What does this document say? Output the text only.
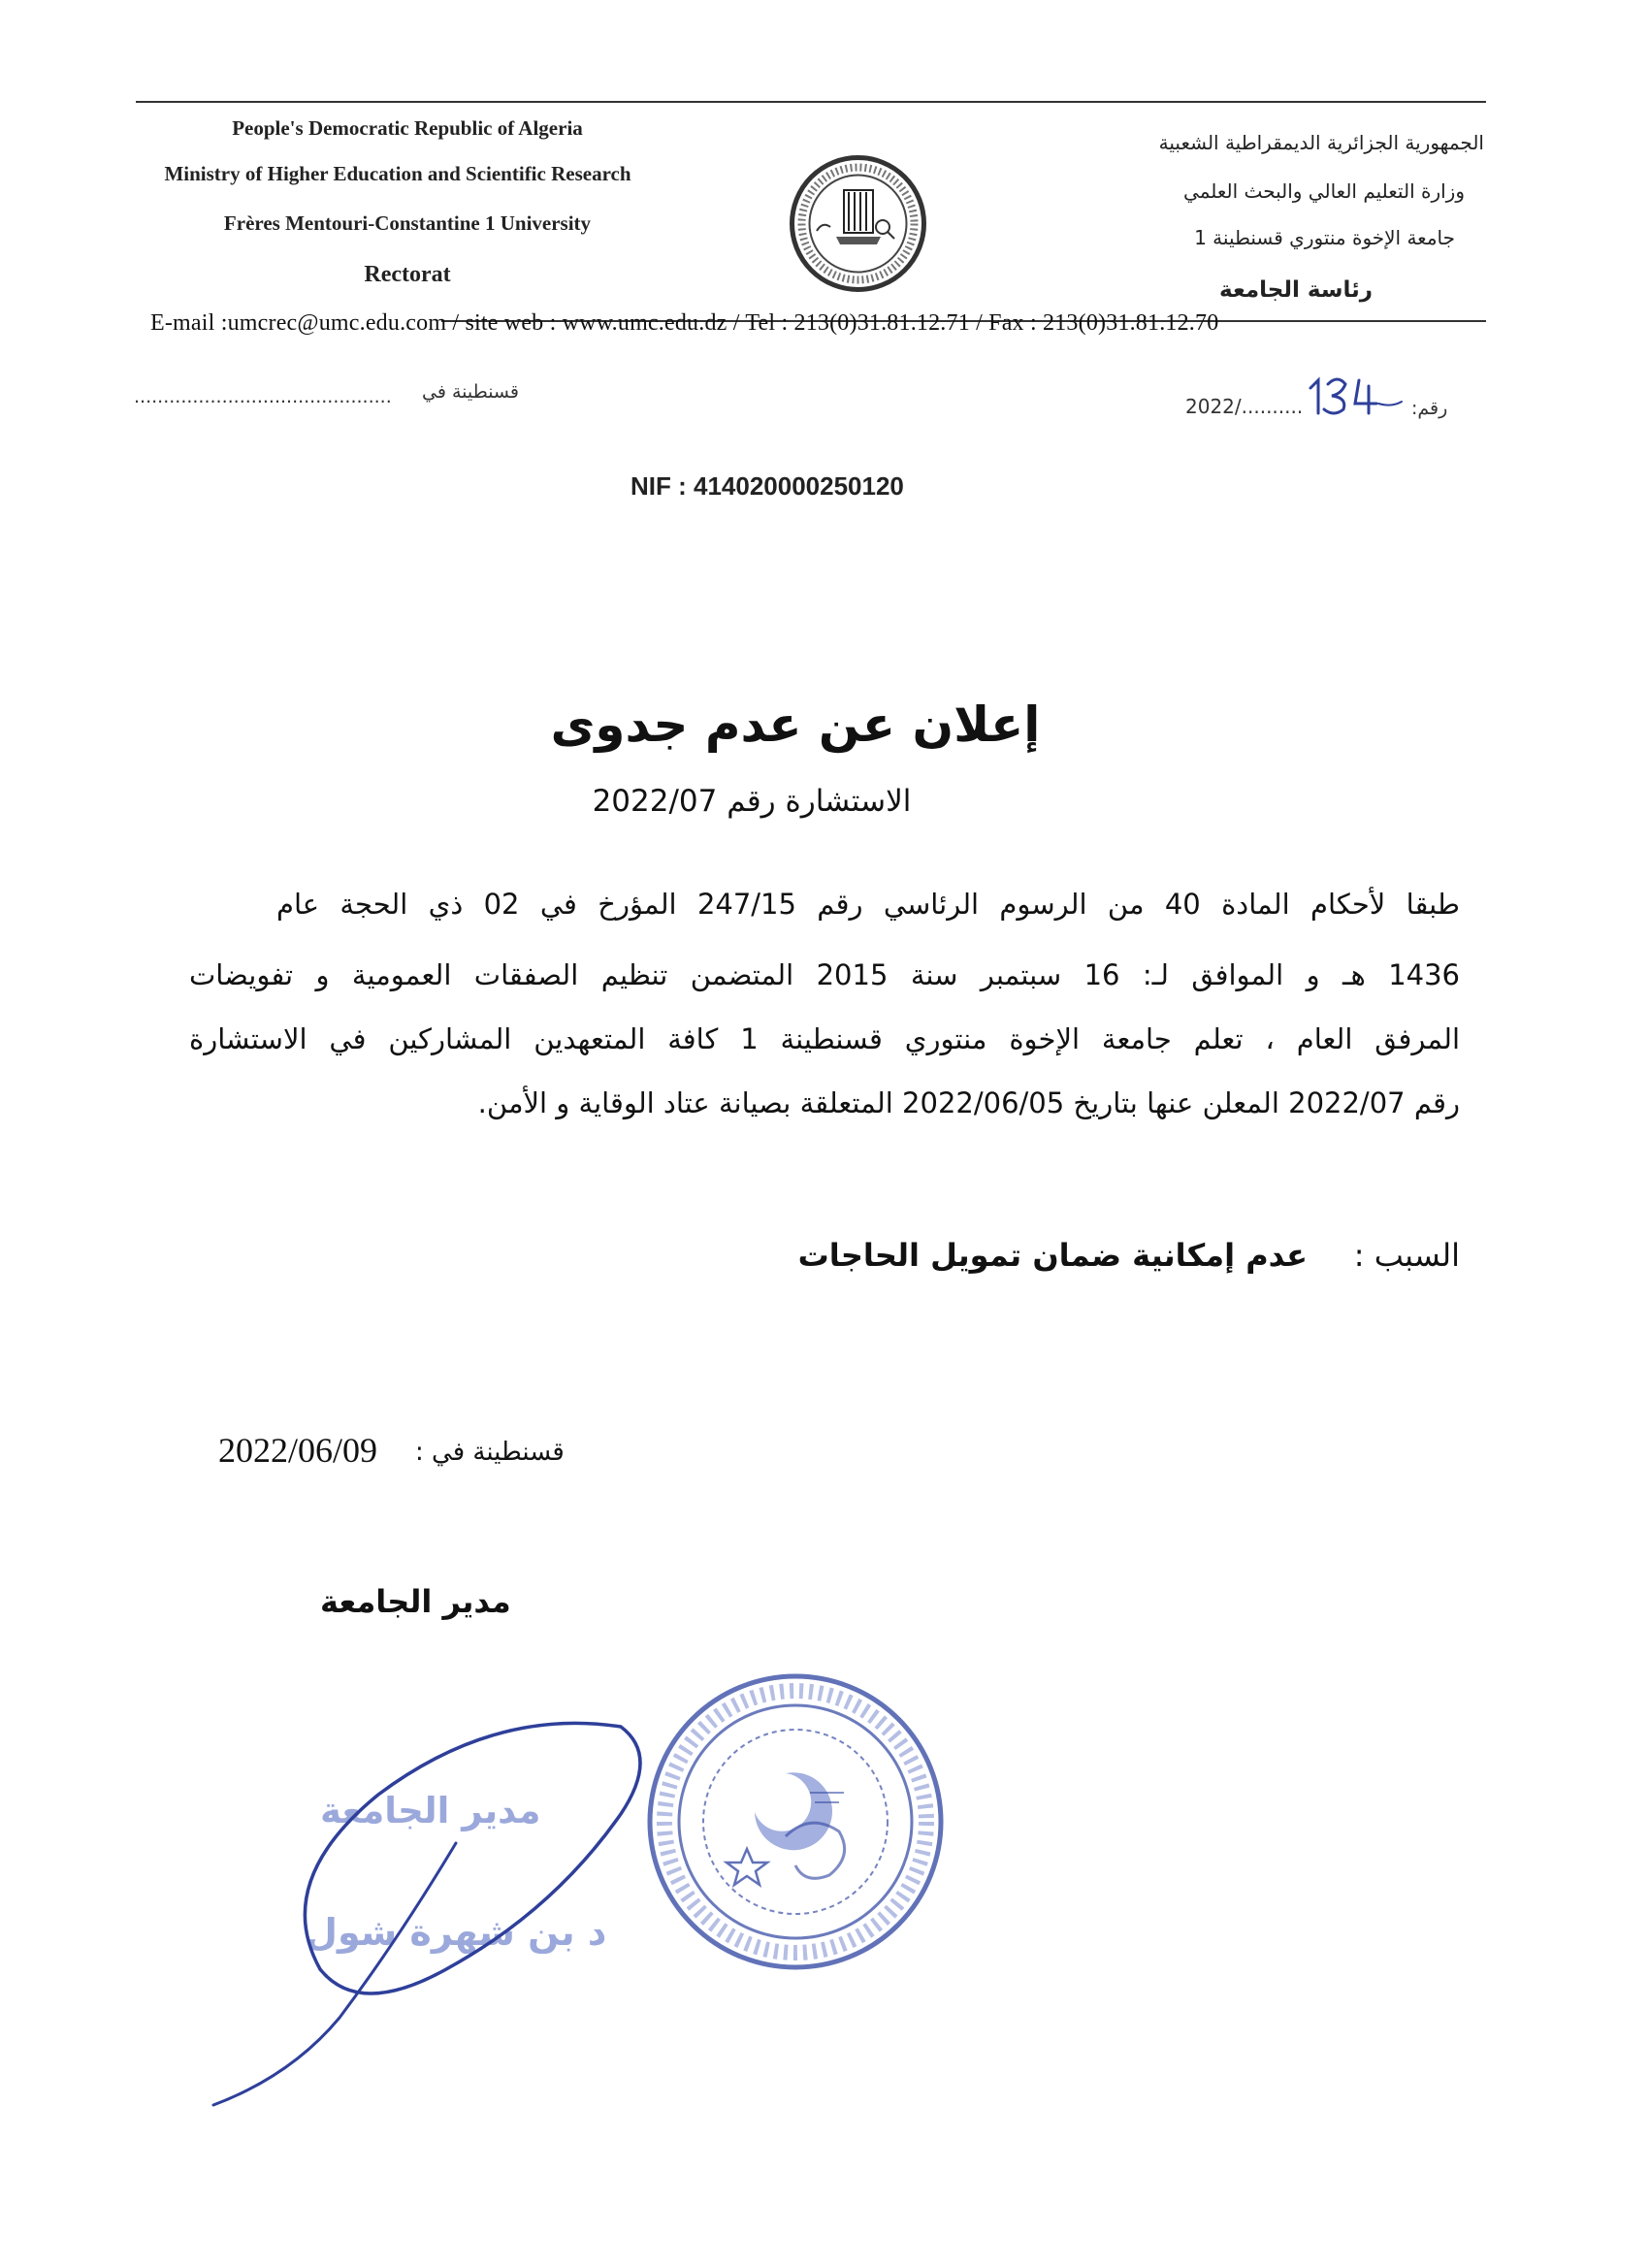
People's Democratic Republic of Algeria
Ministry of Higher Education and Scientific Research
Frères Mentouri-Constantine 1 University
Rectorat
الجمهورية الجزائرية الديمقراطية الشعبية
وزارة التعليم العالي والبحث العلمي
جامعة الإخوة منتوري قسنطينة 1
رئاسة الجامعة
E-mail :umcrec@umc.edu.com / site web : www.umc.edu.dz / Tel : 213(0)31.81.12.71 / Fax : 213(0)31.81.12.70
............................................	قسنطينة في
2022/..........	رقم:
NIF : 414020000250120
إعلان عن عدم جدوى
الاستشارة رقم 2022/07
طبقا لأحكام المادة 40 من الرسوم الرئاسي رقم 247/15 المؤرخ في 02 ذي الحجة عام
1436 هـ و الموافق لـ: 16 سبتمبر سنة 2015 المتضمن تنظيم الصفقات العمومية و تفويضات
المرفق العام ، تعلم جامعة الإخوة منتوري قسنطينة 1 كافة المتعهدين المشاركين في الاستشارة
رقم 2022/07 المعلن عنها بتاريخ 2022/06/05 المتعلقة بصيانة عتاد الوقاية و الأمن.
السبب :
عدم إمكانية ضمان تمويل الحاجات
قسنطينة في :
2022/06/09
مدير الجامعة
مدير الجامعة
د بن شهرة شول
